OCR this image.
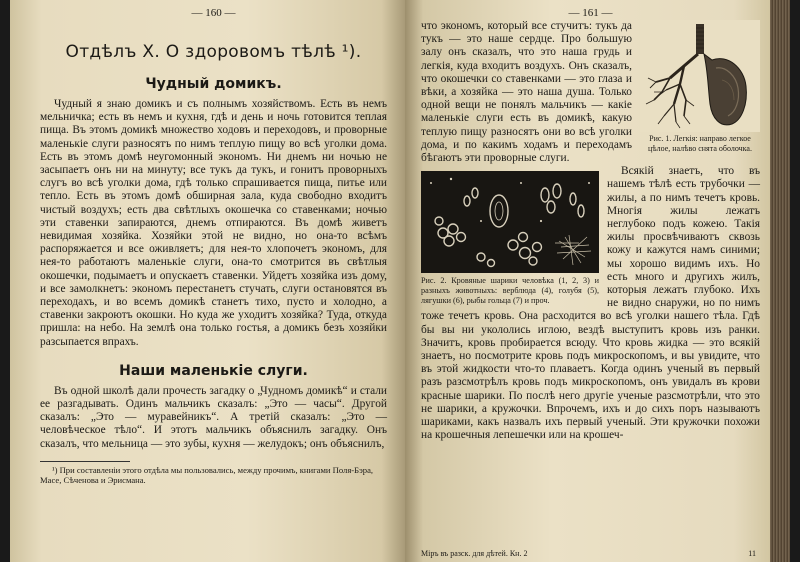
— 160 —
Отдѣлъ X. О здоровомъ тѣлѣ ¹).
Чудный домикъ.

Чудный я знаю домикъ и съ полнымъ хозяйствомъ. Есть въ немъ мельничка; есть въ немъ и кухня, гдѣ и день и ночь готовится теплая пища. Въ этомъ домикѣ множество ходовъ и переходовъ, и проворные маленькіе слуги разносятъ по нимъ теплую пищу во всѣ уголки дома. Есть въ этомъ домѣ неугомонный экономъ. Ни днемъ ни ночью не засыпаетъ онъ ни на минуту; все тукъ да тукъ, и гонитъ проворныхъ слугъ во всѣ уголки дома, гдѣ только спрашивается пища, питье или тепло. Есть въ этомъ домѣ обширная зала, куда свободно входитъ чистый воздухъ; есть два свѣтлыхъ окошечка со ставенками; ночью эти ставенки запираются, днемъ отпираются. Въ домѣ живетъ невидимая хозяйка. Хозяйки этой не видно, но она-то всѣмъ распоряжается и все оживляетъ; для нея-то хлопочетъ экономъ, для нея-то работаютъ маленькіе слуги, она-то смотрится въ свѣтлыя окошечки, подымаетъ и опускаетъ ставенки. Уйдетъ хозяйка изъ дому, и все замолкнетъ: экономъ перестанетъ стучать, слуги остановятся въ переходахъ, и во всемъ домикѣ станетъ тихо, пусто и холодно, а ставенки закроютъ окошки. Но куда же уходитъ хозяйка? Туда, откуда пришла: на небо. На землѣ она только гостья, а домикъ безъ хозяйки разсыпается впрахъ.

Наши маленькіе слуги.

Въ одной школѣ дали прочесть загадку о „Чудномъ домикѣ“ и стали ее разгадывать. Одинъ мальчикъ сказалъ: „Это — часы“. Другой сказалъ: „Это — муравейникъ“. А третій сказалъ: „Это — человѣческое тѣло“. И этотъ мальчикъ объяснилъ загадку. Онъ сказалъ, что мельница — это зубы, кухня — желудокъ; онъ объяснилъ,

¹) При составленіи этого отдѣла мы пользовались, между прочимъ, книгами Поля-Бэра, Масе, Сѣченова и Эрисмана.
— 161 —
Рис. 1. Легкія: направо легкое цѣлое, налѣво снята оболочка.

что экономъ, который все стучитъ: тукъ да тукъ — это наше сердце. Про большую залу онъ сказалъ, что это наша грудь и легкія, куда входитъ воздухъ. Онъ сказалъ, что окошечки со ставенками — это глаза и вѣки, а хозяйка — это наша душа. Только одной вещи не понялъ мальчикъ — какіе маленькіе слуги есть въ домикѣ, какую теплую пищу разносятъ они во всѣ уголки дома, и по какимъ ходамъ и переходамъ бѣгаютъ эти проворные слуги.

Рис. 2. Кровяные шарики человѣка (1, 2, 3) и разныхъ животныхъ: верблюда (4), голубя (5), лягушки (6), рыбы гольца (7) и проч.

Всякій знаетъ, что въ нашемъ тѣлѣ есть трубочки — жилы, а по нимъ течетъ кровь. Многія жилы лежатъ неглубоко подъ кожею. Такія жилы просвѣчиваютъ сквозь кожу и кажутся намъ синими; мы хорошо видимъ ихъ. Но есть много и другихъ жилъ, которыя лежатъ глубоко. Ихъ не видно снаружи, но по нимъ тоже течетъ кровь. Она расходится во всѣ уголки нашего тѣла. Гдѣ бы вы ни укололись иглою, вездѣ выступитъ кровь изъ ранки. Значитъ, кровь пробирается всюду. Что кровь жидка — это всякій знаетъ, но посмотрите кровь подъ микроскопомъ, и вы увидите, что въ этой жидкости что-то плаваетъ. Когда одинъ ученый въ первый разъ разсмотрѣлъ кровь подъ микроскопомъ, онъ увидалъ въ крови красные шарики. По послѣ него другіе ученые разсмотрѣли, что это не шарики, а кружочки. Впрочемъ, ихъ и до сихъ поръ называютъ шариками, какъ назвалъ ихъ первый ученый. Эти кружочки похожи на крошечныя лепешечки или на крошеч-

Міръ въ разск. для дѣтей. Кн. 2	11
